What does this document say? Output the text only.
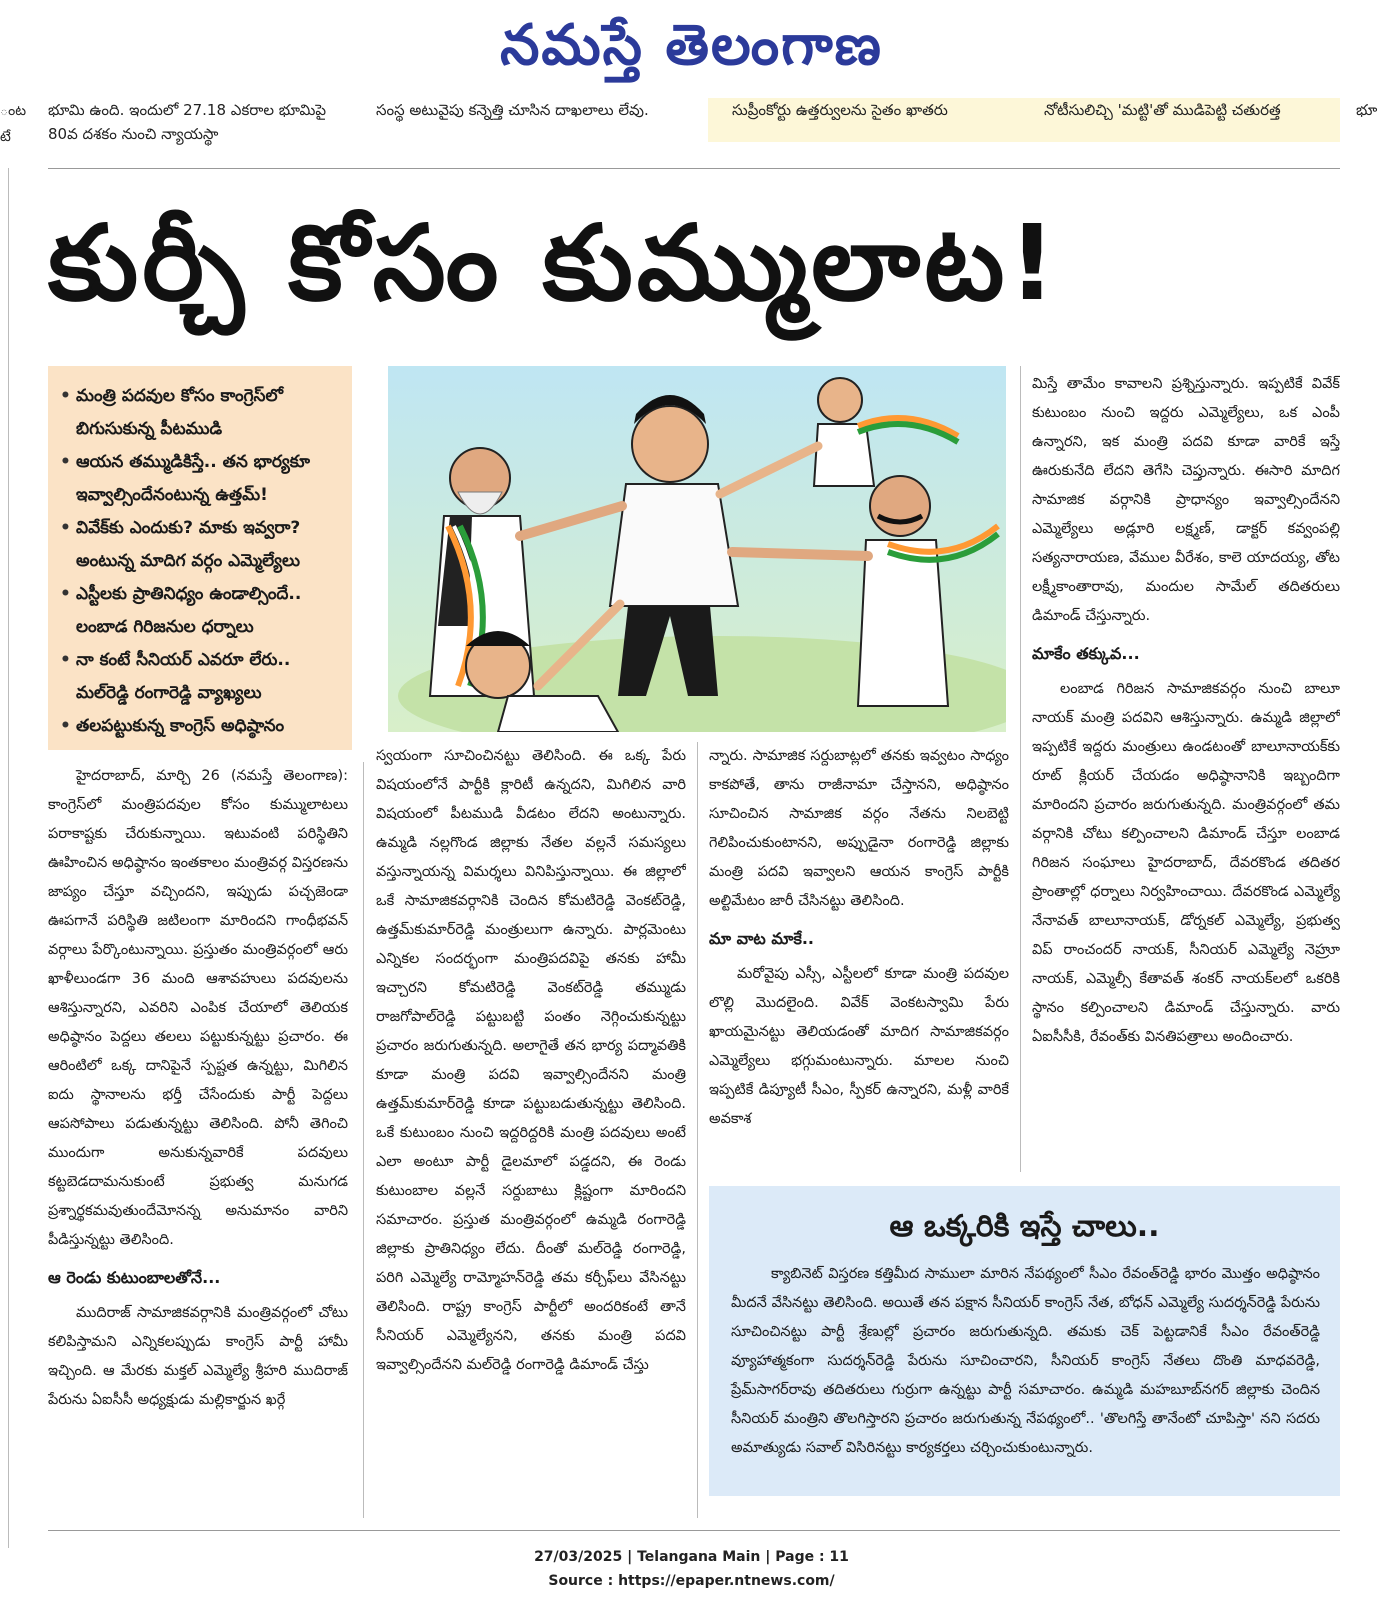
నమస్తే తెలంగాణ
ంట
టే
భూమి ఉంది. ఇందులో 27.18 ఎకరాల భూమిపై 80వ దశకం నుంచి న్యాయస్థా
సంస్థ అటువైపు కన్నెత్తి చూసిన దాఖలాలు లేవు.	సుప్రీంకోర్టు ఉత్తర్వులను సైతం ఖాతరు	నోటీసులిచ్చి 'మట్టి'తో ముడిపెట్టి చతురత్త	భూ
కుర్చీ కోసం కుమ్ములాట!
• మంత్రి పదవుల కోసం కాంగ్రెస్‌లో బిగుసుకున్న పీటముడి
• ఆయన తమ్ముడికిస్తే.. తన భార్యకూ ఇవ్వాల్సిందేనంటున్న ఉత్తమ్‌!
• వివేక్‌కు ఎందుకు? మాకు ఇవ్వరా? అంటున్న మాదిగ వర్గం ఎమ్మెల్యేలు
• ఎస్టీలకు ప్రాతినిధ్యం ఉండాల్సిందే.. లంబాడ గిరిజనుల ధర్నాలు
• నా కంటే సీనియర్‌ ఎవరూ లేరు.. మల్‌రెడ్డి రంగారెడ్డి వ్యాఖ్యలు
• తలపట్టుకున్న కాంగ్రెస్‌ అధిష్ఠానం

హైదరాబాద్‌, మార్చి 26 (నమస్తే తెలంగాణ): కాంగ్రెస్‌లో మంత్రిపదవుల కోసం కుమ్ములాటలు పరాకాష్టకు చేరుకున్నాయి. ఇటువంటి పరిస్థితిని ఊహించిన అధిష్ఠానం ఇంతకాలం మంత్రివర్గ విస్తరణను జాప్యం చేస్తూ వచ్చిందని, ఇప్పుడు పచ్చజెండా ఊపగానే పరిస్థితి జటిలంగా మారిందని గాంధీభవన్‌ వర్గాలు పేర్కొంటున్నాయి. ప్రస్తుతం మంత్రివర్గంలో ఆరు ఖాళీలుండగా 36 మంది ఆశావహులు పదవులను ఆశిస్తున్నారని, ఎవరిని ఎంపిక చేయాలో తెలియక అధిష్ఠానం పెద్దలు తలలు పట్టుకున్నట్టు ప్రచారం. ఈ ఆరింటిలో ఒక్క దానిపైనే స్పష్టత ఉన్నట్టు, మిగిలిన ఐదు స్థానాలను భర్తీ చేసేందుకు పార్టీ పెద్దలు ఆపసోపాలు పడుతున్నట్టు తెలిసింది. పోనీ తెగించి ముందుగా అనుకున్నవారికే పదవులు కట్టబెడదామనుకుంటే ప్రభుత్వ మనుగడ ప్రశ్నార్థకమవుతుందేమోనన్న అనుమానం వారిని పీడిస్తున్నట్టు తెలిసింది.

ఆ రెండు కుటుంబాలతోనే...

ముదిరాజ్‌ సామాజికవర్గానికి మంత్రివర్గంలో చోటు కలిపిస్తామని ఎన్నికలప్పుడు కాంగ్రెస్‌ పార్టీ హామీ ఇచ్చింది. ఆ మేరకు మక్తల్‌ ఎమ్మెల్యే శ్రీహరి ముదిరాజ్‌ పేరును ఏఐసీసీ అధ్యక్షుడు మల్లికార్జున ఖర్గే

స్వయంగా సూచించినట్టు తెలిసింది. ఈ ఒక్క పేరు విషయంలోనే పార్టీకి క్లారిటీ ఉన్నదని, మిగిలిన వారి విషయంలో పీటముడి వీడటం లేదని అంటున్నారు. ఉమ్మడి నల్లగొండ జిల్లాకు నేతల వల్లనే సమస్యలు వస్తున్నాయన్న విమర్శలు వినిపిస్తున్నాయి. ఈ జిల్లాలో ఒకే సామాజికవర్గానికి చెందిన కోమటిరెడ్డి వెంకట్‌రెడ్డి, ఉత్తమ్‌కుమార్‌రెడ్డి మంత్రులుగా ఉన్నారు. పార్లమెంటు ఎన్నికల సందర్భంగా మంత్రిపదవిపై తనకు హామీ ఇచ్చారని కోమటిరెడ్డి వెంకట్‌రెడ్డి తమ్ముడు రాజగోపాల్‌రెడ్డి పట్టుబట్టి పంతం నెగ్గించుకున్నట్టు ప్రచారం జరుగుతున్నది. అలాగైతే తన భార్య పద్మావతికి కూడా మంత్రి పదవి ఇవ్వాల్సిందేనని మంత్రి ఉత్తమ్‌కుమార్‌రెడ్డి కూడా పట్టుబడుతున్నట్టు తెలిసింది. ఒకే కుటుంబం నుంచి ఇద్దరిద్దరికి మంత్రి పదవులు అంటే ఎలా అంటూ పార్టీ డైలమాలో పడ్డదని, ఈ రెండు కుటుంబాల వల్లనే సర్దుబాటు క్లిష్టంగా మారిందని సమాచారం. ప్రస్తుత మంత్రివర్గంలో ఉమ్మడి రంగారెడ్డి జిల్లాకు ప్రాతినిధ్యం లేదు. దీంతో మల్‌రెడ్డి రంగారెడ్డి, పరిగి ఎమ్మెల్యే రామ్మోహన్‌రెడ్డి తమ కర్చీఫ్‌లు వేసినట్టు తెలిసింది. రాష్ట్ర కాంగ్రెస్‌ పార్టీలో అందరికంటే తానే సీనియర్‌ ఎమ్మెల్యేనని, తనకు మంత్రి పదవి ఇవ్వాల్సిందేనని మల్‌రెడ్డి రంగారెడ్డి డిమాండ్‌ చేస్తు

న్నారు. సామాజిక సర్దుబాట్లలో తనకు ఇవ్వటం సాధ్యం కాకపోతే, తాను రాజీనామా చేస్తానని, అధిష్ఠానం సూచించిన సామాజిక వర్గం నేతను నిలబెట్టి గెలిపించుకుంటానని, అప్పుడైనా రంగారెడ్డి జిల్లాకు మంత్రి పదవి ఇవ్వాలని ఆయన కాంగ్రెస్‌ పార్టీకి అల్టిమేటం జారీ చేసినట్టు తెలిసింది.

మా వాట మాకే..

మరోవైపు ఎస్సీ, ఎస్టీలలో కూడా మంత్రి పదవుల లొల్లి మొదలైంది. వివేక్‌ వెంకటస్వామి పేరు ఖాయమైనట్టు తెలియడంతో మాదిగ సామాజికవర్గం ఎమ్మెల్యేలు భగ్గుమంటున్నారు. మాలల నుంచి ఇప్పటికే డిప్యూటీ సీఎం, స్పీకర్‌ ఉన్నారని, మళ్లీ వారికే అవకాశ

మిస్తే తామేం కావాలని ప్రశ్నిస్తున్నారు. ఇప్పటికే వివేక్‌ కుటుంబం నుంచి ఇద్దరు ఎమ్మెల్యేలు, ఒక ఎంపీ ఉన్నారని, ఇక మంత్రి పదవి కూడా వారికే ఇస్తే ఊరుకునేది లేదని తెగేసి చెప్తున్నారు. ఈసారి మాదిగ సామాజిక వర్గానికి ప్రాధాన్యం ఇవ్వాల్సిందేనని ఎమ్మెల్యేలు అడ్లూరి లక్ష్మణ్‌, డాక్టర్‌ కవ్వంపల్లి సత్యనారాయణ, వేముల వీరేశం, కాలె యాదయ్య, తోట లక్ష్మీకాంతారావు, మందుల సామేల్‌ తదితరులు డిమాండ్‌ చేస్తున్నారు.

మాకేం తక్కువ...

లంబాడ గిరిజన సామాజికవర్గం నుంచి బాలూ నాయక్‌ మంత్రి పదవిని ఆశిస్తున్నారు. ఉమ్మడి జిల్లాలో ఇప్పటికే ఇద్దరు మంత్రులు ఉండటంతో బాలూనాయక్‌కు రూట్‌ క్లియర్‌ చేయడం అధిష్ఠానానికి ఇబ్బందిగా మారిందని ప్రచారం జరుగుతున్నది. మంత్రివర్గంలో తమ వర్గానికి చోటు కల్పించాలని డిమాండ్‌ చేస్తూ లంబాడ గిరిజన సంఘాలు హైదరాబాద్‌, దేవరకొండ తదితర ప్రాంతాల్లో ధర్నాలు నిర్వహించాయి. దేవరకొండ ఎమ్మెల్యే నేనావత్‌ బాలూనాయక్‌, డోర్నకల్‌ ఎమ్మెల్యే, ప్రభుత్వ విప్‌ రాంచందర్‌ నాయక్‌, సీనియర్‌ ఎమ్మెల్యే నెహ్రూ నాయక్‌, ఎమ్మెల్సీ కేతావత్‌ శంకర్‌ నాయక్‌లలో ఒకరికి స్థానం కల్పించాలని డిమాండ్‌ చేస్తున్నారు. వారు ఏఐసీసీకి, రేవంత్‌కు వినతిపత్రాలు అందించారు.

ఆ ఒక్కరికి ఇస్తే చాలు..

క్యాబినెట్‌ విస్తరణ కత్తిమీద సాములా మారిన నేపథ్యంలో సీఎం రేవంత్‌రెడ్డి భారం మొత్తం అధిష్ఠానం మీదనే వేసినట్టు తెలిసింది. అయితే తన పక్షాన సీనియర్‌ కాంగ్రెస్‌ నేత, బోధన్‌ ఎమ్మెల్యే సుదర్శన్‌రెడ్డి పేరును సూచించినట్టు పార్టీ శ్రేణుల్లో ప్రచారం జరుగుతున్నది. తమకు చెక్‌ పెట్టడానికే సీఎం రేవంత్‌రెడ్డి వ్యూహాత్మకంగా సుదర్శన్‌రెడ్డి పేరును సూచించారని, సీనియర్‌ కాంగ్రెస్‌ నేతలు దొంతి మాధవరెడ్డి, ప్రేమ్‌సాగర్‌రావు తదితరులు గుర్రుగా ఉన్నట్టు పార్టీ సమాచారం. ఉమ్మడి మహబూబ్‌నగర్‌ జిల్లాకు చెందిన సీనియర్‌ మంత్రిని తొలగిస్తారని ప్రచారం జరుగుతున్న నేపథ్యంలో.. 'తొలగిస్తే తానేంటో చూపిస్తా' నని సదరు అమాత్యుడు సవాల్‌ విసిరినట్టు కార్యకర్తలు చర్చించుకుంటున్నారు.

27/03/2025 | Telangana Main | Page : 11
Source : https://epaper.ntnews.com/
